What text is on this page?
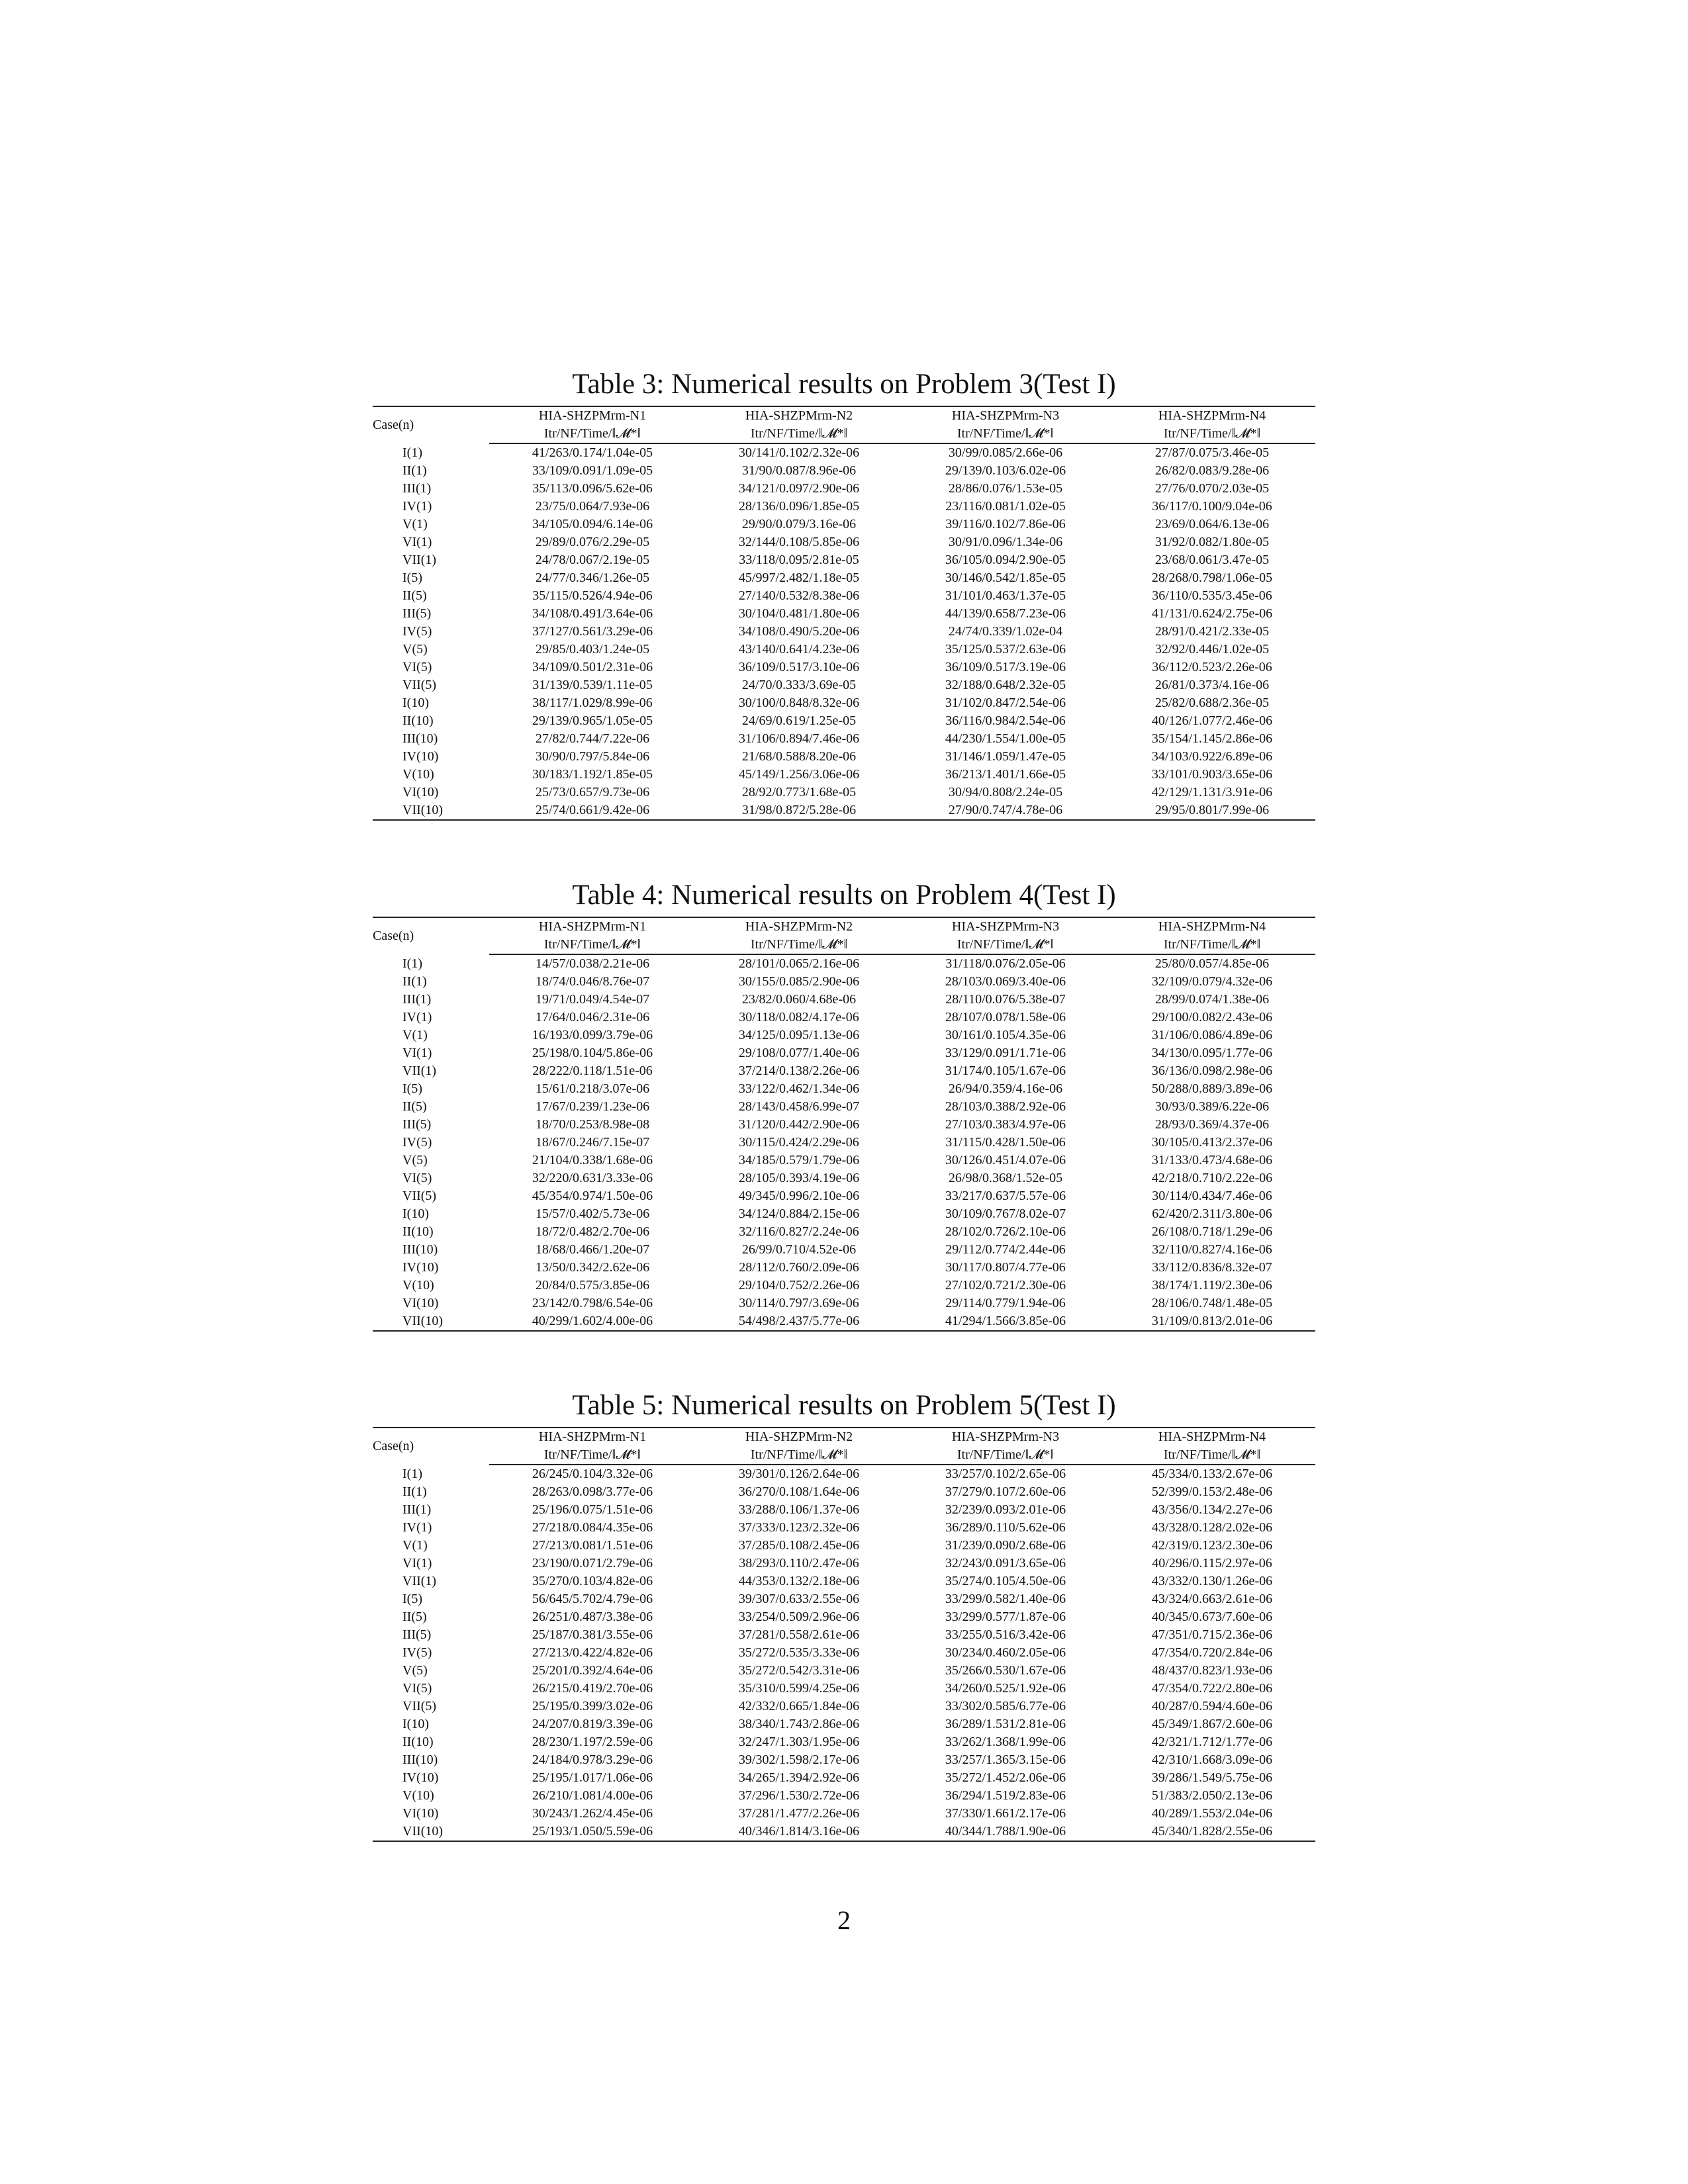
Table 3: Numerical results on Problem 3(Test I)
Case(n)	HIA-SHZPMrm-N1	HIA-SHZPMrm-N2	HIA-SHZPMrm-N3	HIA-SHZPMrm-N4
	Itr/NF/Time/‖𝓜*‖	Itr/NF/Time/‖𝓜*‖	Itr/NF/Time/‖𝓜*‖	Itr/NF/Time/‖𝓜*‖
I(1)	41/263/0.174/1.04e-05	30/141/0.102/2.32e-06	30/99/0.085/2.66e-06	27/87/0.075/3.46e-05
II(1)	33/109/0.091/1.09e-05	31/90/0.087/8.96e-06	29/139/0.103/6.02e-06	26/82/0.083/9.28e-06
III(1)	35/113/0.096/5.62e-06	34/121/0.097/2.90e-06	28/86/0.076/1.53e-05	27/76/0.070/2.03e-05
IV(1)	23/75/0.064/7.93e-06	28/136/0.096/1.85e-05	23/116/0.081/1.02e-05	36/117/0.100/9.04e-06
V(1)	34/105/0.094/6.14e-06	29/90/0.079/3.16e-06	39/116/0.102/7.86e-06	23/69/0.064/6.13e-06
VI(1)	29/89/0.076/2.29e-05	32/144/0.108/5.85e-06	30/91/0.096/1.34e-06	31/92/0.082/1.80e-05
VII(1)	24/78/0.067/2.19e-05	33/118/0.095/2.81e-05	36/105/0.094/2.90e-05	23/68/0.061/3.47e-05
I(5)	24/77/0.346/1.26e-05	45/997/2.482/1.18e-05	30/146/0.542/1.85e-05	28/268/0.798/1.06e-05
II(5)	35/115/0.526/4.94e-06	27/140/0.532/8.38e-06	31/101/0.463/1.37e-05	36/110/0.535/3.45e-06
III(5)	34/108/0.491/3.64e-06	30/104/0.481/1.80e-06	44/139/0.658/7.23e-06	41/131/0.624/2.75e-06
IV(5)	37/127/0.561/3.29e-06	34/108/0.490/5.20e-06	24/74/0.339/1.02e-04	28/91/0.421/2.33e-05
V(5)	29/85/0.403/1.24e-05	43/140/0.641/4.23e-06	35/125/0.537/2.63e-06	32/92/0.446/1.02e-05
VI(5)	34/109/0.501/2.31e-06	36/109/0.517/3.10e-06	36/109/0.517/3.19e-06	36/112/0.523/2.26e-06
VII(5)	31/139/0.539/1.11e-05	24/70/0.333/3.69e-05	32/188/0.648/2.32e-05	26/81/0.373/4.16e-06
I(10)	38/117/1.029/8.99e-06	30/100/0.848/8.32e-06	31/102/0.847/2.54e-06	25/82/0.688/2.36e-05
II(10)	29/139/0.965/1.05e-05	24/69/0.619/1.25e-05	36/116/0.984/2.54e-06	40/126/1.077/2.46e-06
III(10)	27/82/0.744/7.22e-06	31/106/0.894/7.46e-06	44/230/1.554/1.00e-05	35/154/1.145/2.86e-06
IV(10)	30/90/0.797/5.84e-06	21/68/0.588/8.20e-06	31/146/1.059/1.47e-05	34/103/0.922/6.89e-06
V(10)	30/183/1.192/1.85e-05	45/149/1.256/3.06e-06	36/213/1.401/1.66e-05	33/101/0.903/3.65e-06
VI(10)	25/73/0.657/9.73e-06	28/92/0.773/1.68e-05	30/94/0.808/2.24e-05	42/129/1.131/3.91e-06
VII(10)	25/74/0.661/9.42e-06	31/98/0.872/5.28e-06	27/90/0.747/4.78e-06	29/95/0.801/7.99e-06
Table 4: Numerical results on Problem 4(Test I)
Case(n)	HIA-SHZPMrm-N1	HIA-SHZPMrm-N2	HIA-SHZPMrm-N3	HIA-SHZPMrm-N4
	Itr/NF/Time/‖𝓜*‖	Itr/NF/Time/‖𝓜*‖	Itr/NF/Time/‖𝓜*‖	Itr/NF/Time/‖𝓜*‖
I(1)	14/57/0.038/2.21e-06	28/101/0.065/2.16e-06	31/118/0.076/2.05e-06	25/80/0.057/4.85e-06
II(1)	18/74/0.046/8.76e-07	30/155/0.085/2.90e-06	28/103/0.069/3.40e-06	32/109/0.079/4.32e-06
III(1)	19/71/0.049/4.54e-07	23/82/0.060/4.68e-06	28/110/0.076/5.38e-07	28/99/0.074/1.38e-06
IV(1)	17/64/0.046/2.31e-06	30/118/0.082/4.17e-06	28/107/0.078/1.58e-06	29/100/0.082/2.43e-06
V(1)	16/193/0.099/3.79e-06	34/125/0.095/1.13e-06	30/161/0.105/4.35e-06	31/106/0.086/4.89e-06
VI(1)	25/198/0.104/5.86e-06	29/108/0.077/1.40e-06	33/129/0.091/1.71e-06	34/130/0.095/1.77e-06
VII(1)	28/222/0.118/1.51e-06	37/214/0.138/2.26e-06	31/174/0.105/1.67e-06	36/136/0.098/2.98e-06
I(5)	15/61/0.218/3.07e-06	33/122/0.462/1.34e-06	26/94/0.359/4.16e-06	50/288/0.889/3.89e-06
II(5)	17/67/0.239/1.23e-06	28/143/0.458/6.99e-07	28/103/0.388/2.92e-06	30/93/0.389/6.22e-06
III(5)	18/70/0.253/8.98e-08	31/120/0.442/2.90e-06	27/103/0.383/4.97e-06	28/93/0.369/4.37e-06
IV(5)	18/67/0.246/7.15e-07	30/115/0.424/2.29e-06	31/115/0.428/1.50e-06	30/105/0.413/2.37e-06
V(5)	21/104/0.338/1.68e-06	34/185/0.579/1.79e-06	30/126/0.451/4.07e-06	31/133/0.473/4.68e-06
VI(5)	32/220/0.631/3.33e-06	28/105/0.393/4.19e-06	26/98/0.368/1.52e-05	42/218/0.710/2.22e-06
VII(5)	45/354/0.974/1.50e-06	49/345/0.996/2.10e-06	33/217/0.637/5.57e-06	30/114/0.434/7.46e-06
I(10)	15/57/0.402/5.73e-06	34/124/0.884/2.15e-06	30/109/0.767/8.02e-07	62/420/2.311/3.80e-06
II(10)	18/72/0.482/2.70e-06	32/116/0.827/2.24e-06	28/102/0.726/2.10e-06	26/108/0.718/1.29e-06
III(10)	18/68/0.466/1.20e-07	26/99/0.710/4.52e-06	29/112/0.774/2.44e-06	32/110/0.827/4.16e-06
IV(10)	13/50/0.342/2.62e-06	28/112/0.760/2.09e-06	30/117/0.807/4.77e-06	33/112/0.836/8.32e-07
V(10)	20/84/0.575/3.85e-06	29/104/0.752/2.26e-06	27/102/0.721/2.30e-06	38/174/1.119/2.30e-06
VI(10)	23/142/0.798/6.54e-06	30/114/0.797/3.69e-06	29/114/0.779/1.94e-06	28/106/0.748/1.48e-05
VII(10)	40/299/1.602/4.00e-06	54/498/2.437/5.77e-06	41/294/1.566/3.85e-06	31/109/0.813/2.01e-06
Table 5: Numerical results on Problem 5(Test I)
Case(n)	HIA-SHZPMrm-N1	HIA-SHZPMrm-N2	HIA-SHZPMrm-N3	HIA-SHZPMrm-N4
	Itr/NF/Time/‖𝓜*‖	Itr/NF/Time/‖𝓜*‖	Itr/NF/Time/‖𝓜*‖	Itr/NF/Time/‖𝓜*‖
I(1)	26/245/0.104/3.32e-06	39/301/0.126/2.64e-06	33/257/0.102/2.65e-06	45/334/0.133/2.67e-06
II(1)	28/263/0.098/3.77e-06	36/270/0.108/1.64e-06	37/279/0.107/2.60e-06	52/399/0.153/2.48e-06
III(1)	25/196/0.075/1.51e-06	33/288/0.106/1.37e-06	32/239/0.093/2.01e-06	43/356/0.134/2.27e-06
IV(1)	27/218/0.084/4.35e-06	37/333/0.123/2.32e-06	36/289/0.110/5.62e-06	43/328/0.128/2.02e-06
V(1)	27/213/0.081/1.51e-06	37/285/0.108/2.45e-06	31/239/0.090/2.68e-06	42/319/0.123/2.30e-06
VI(1)	23/190/0.071/2.79e-06	38/293/0.110/2.47e-06	32/243/0.091/3.65e-06	40/296/0.115/2.97e-06
VII(1)	35/270/0.103/4.82e-06	44/353/0.132/2.18e-06	35/274/0.105/4.50e-06	43/332/0.130/1.26e-06
I(5)	56/645/5.702/4.79e-06	39/307/0.633/2.55e-06	33/299/0.582/1.40e-06	43/324/0.663/2.61e-06
II(5)	26/251/0.487/3.38e-06	33/254/0.509/2.96e-06	33/299/0.577/1.87e-06	40/345/0.673/7.60e-06
III(5)	25/187/0.381/3.55e-06	37/281/0.558/2.61e-06	33/255/0.516/3.42e-06	47/351/0.715/2.36e-06
IV(5)	27/213/0.422/4.82e-06	35/272/0.535/3.33e-06	30/234/0.460/2.05e-06	47/354/0.720/2.84e-06
V(5)	25/201/0.392/4.64e-06	35/272/0.542/3.31e-06	35/266/0.530/1.67e-06	48/437/0.823/1.93e-06
VI(5)	26/215/0.419/2.70e-06	35/310/0.599/4.25e-06	34/260/0.525/1.92e-06	47/354/0.722/2.80e-06
VII(5)	25/195/0.399/3.02e-06	42/332/0.665/1.84e-06	33/302/0.585/6.77e-06	40/287/0.594/4.60e-06
I(10)	24/207/0.819/3.39e-06	38/340/1.743/2.86e-06	36/289/1.531/2.81e-06	45/349/1.867/2.60e-06
II(10)	28/230/1.197/2.59e-06	32/247/1.303/1.95e-06	33/262/1.368/1.99e-06	42/321/1.712/1.77e-06
III(10)	24/184/0.978/3.29e-06	39/302/1.598/2.17e-06	33/257/1.365/3.15e-06	42/310/1.668/3.09e-06
IV(10)	25/195/1.017/1.06e-06	34/265/1.394/2.92e-06	35/272/1.452/2.06e-06	39/286/1.549/5.75e-06
V(10)	26/210/1.081/4.00e-06	37/296/1.530/2.72e-06	36/294/1.519/2.83e-06	51/383/2.050/2.13e-06
VI(10)	30/243/1.262/4.45e-06	37/281/1.477/2.26e-06	37/330/1.661/2.17e-06	40/289/1.553/2.04e-06
VII(10)	25/193/1.050/5.59e-06	40/346/1.814/3.16e-06	40/344/1.788/1.90e-06	45/340/1.828/2.55e-06
2
